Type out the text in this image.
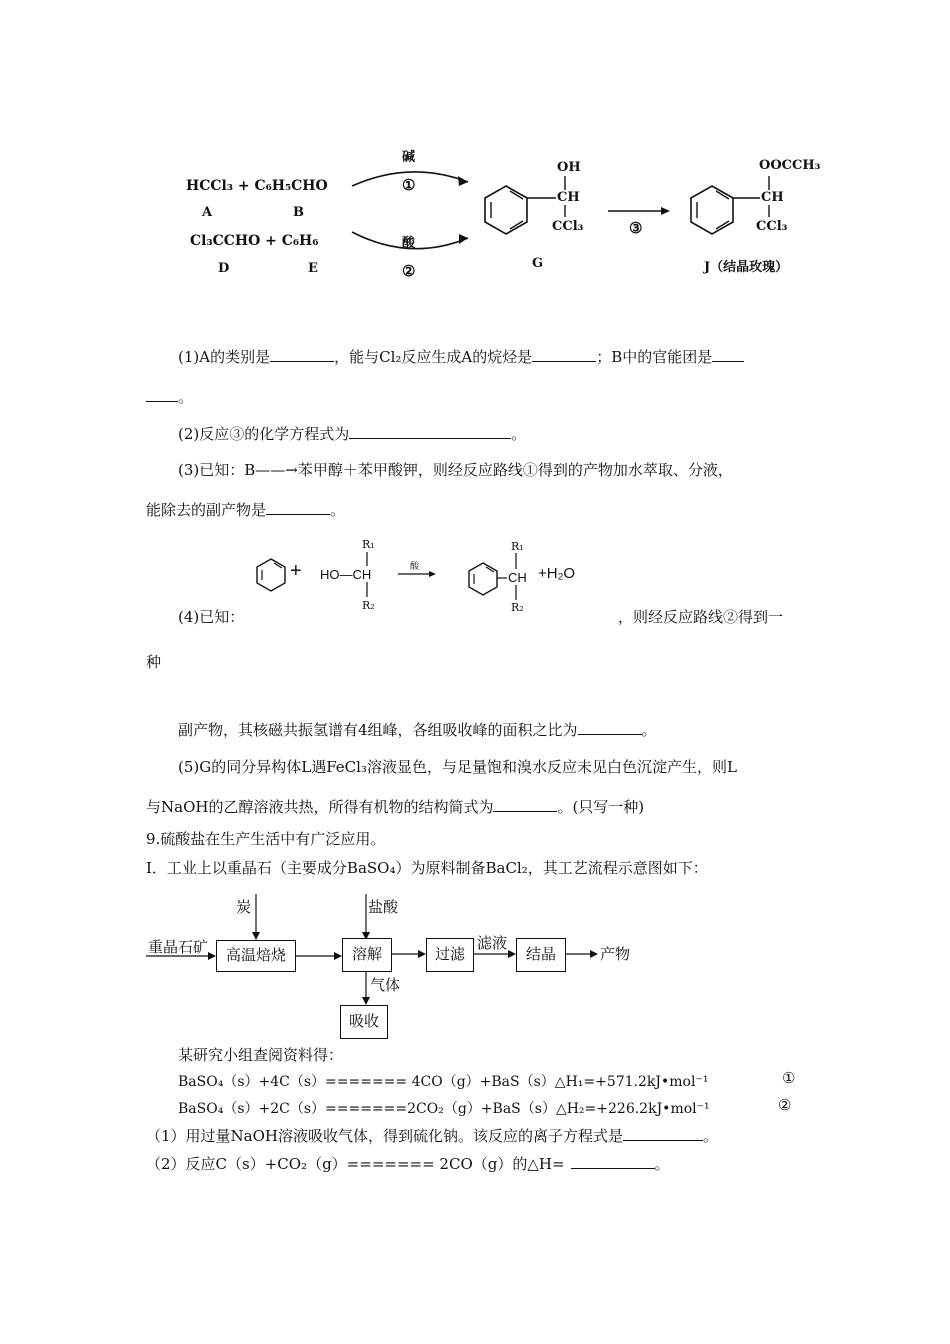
HCCl₃ + C₆H₅CHO
A	B
Cl₃CCHO + C₆H₆
D	E
碱
①
酸
②
OH
CH
CCl₃
G
③
OOCCH₃
CH
CCl₃
J（结晶玫瑰）
(1)A的类别是	，能与Cl₂反应生成A的烷烃是	；B中的官能团是
。
(2)反应③的化学方程式为	。
(3)已知：B——→苯甲醇＋苯甲酸钾，则经反应路线①得到的产物加水萃取、分液，
能除去的副产物是	。
+ HO—CH
R₁
R₂
酸
CH
R₁
R₂
+H₂O
(4)已知：	，则经反应路线②得到一
种
副产物，其核磁共振氢谱有4组峰，各组吸收峰的面积之比为	。
(5)G的同分异构体L遇FeCl₃溶液显色，与足量饱和溴水反应未见白色沉淀产生，则L
与NaOH的乙醇溶液共热，所得有机物的结构简式为	。(只写一种)
9.硫酸盐在生产生活中有广泛应用。
Ⅰ．工业上以重晶石（主要成分BaSO₄）为原料制备BaCl₂，其工艺流程示意图如下：
重晶石矿
炭	盐酸
高温焙烧	溶解	过滤
滤液
结晶	产物
气体
吸收
某研究小组查阅资料得：
BaSO₄（s）+4C（s）======= 4CO（g）+BaS（s）△H₁=+571.2kJ•mol⁻¹	①
BaSO₄（s）+2C（s）=======2CO₂（g）+BaS（s）△H₂=+226.2kJ•mol⁻¹	②
（1）用过量NaOH溶液吸收气体，得到硫化钠。该反应的离子方程式是	。
（2）反应C（s）+CO₂（g）======= 2CO（g）的△H=	。
